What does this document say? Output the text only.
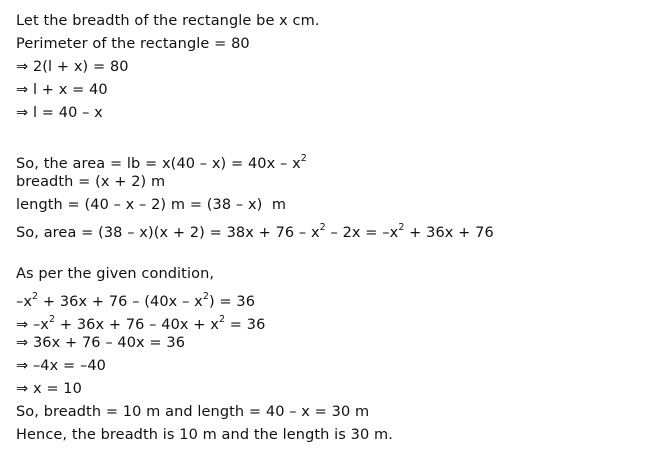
Let the breadth of the rectangle be x cm.
Perimeter of the rectangle = 80
⇒ 2(l + x) = 80
⇒ l + x = 40
⇒ l = 40 – x
So, the area = lb = $x(40 - x) = 40x - x^2$
breadth = (x + 2) m
length = (40 – x – 2) m = (38 – x)  m
So, area = $(38 - x)(x + 2) = 38x + 76 - x^2 - 2x = -x^2 + 36x + 76$
As per the given condition,
$-x^2 + 36x + 76 - (40x - x^2) = 36$
⇒ $-x^2 + 36x + 76 - 40x + x^2 = 36$
⇒ 36x + 76 – 40x = 36
⇒ –4x = –40
⇒ x = 10
So, breadth = 10 m and length = 40 – x = 30 m
Hence, the breadth is 10 m and the length is 30 m.
